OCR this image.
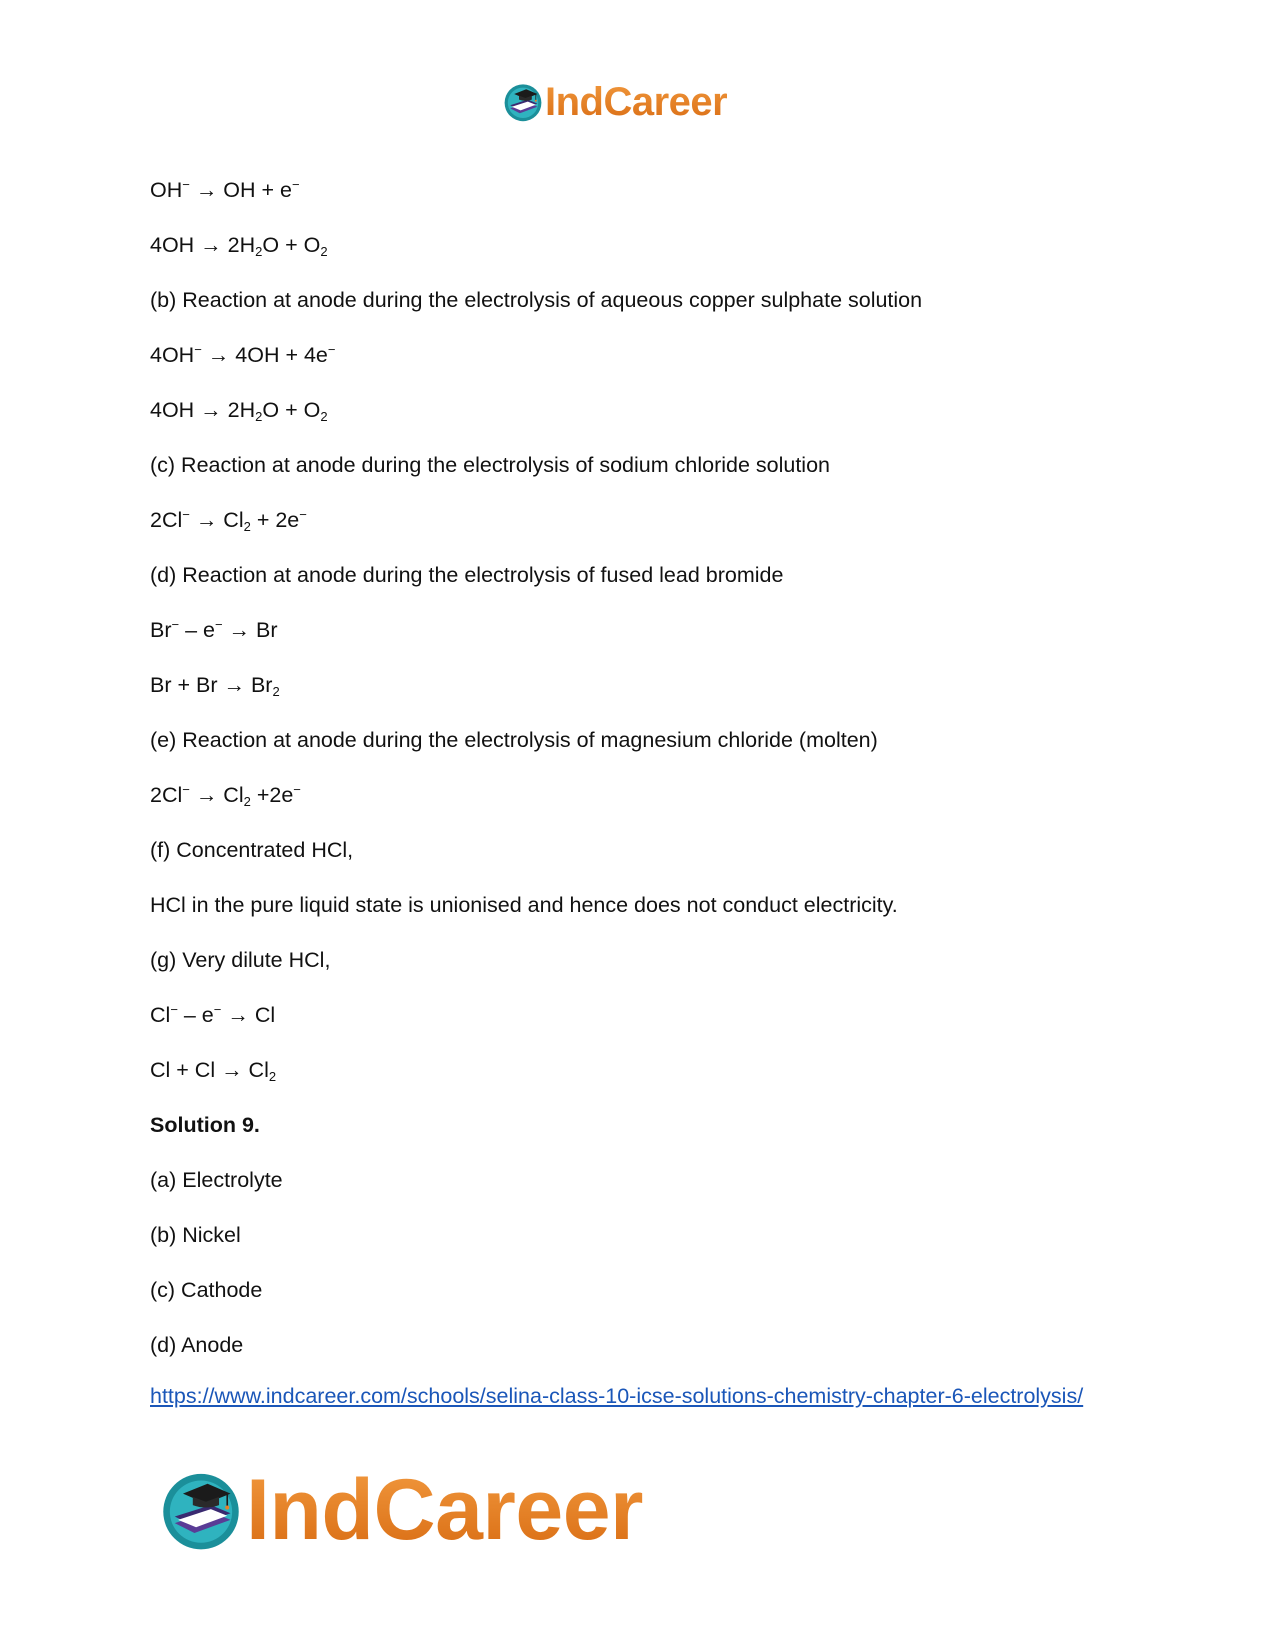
IndCareer
OH− → OH + e−
$4OH \to 2H_2O + O_2$
(b) Reaction at anode during the electrolysis of aqueous copper sulphate solution
4OH− → 4OH + 4e−
$4OH \to 2H_2O + O_2$
(c) Reaction at anode during the electrolysis of sodium chloride solution
$2Cl^- \to Cl_2 + 2e^-$
(d) Reaction at anode during the electrolysis of fused lead bromide
Br− – e− → Br
$Br + Br \to Br_2$
(e) Reaction at anode during the electrolysis of magnesium chloride (molten)
$2Cl^- \to Cl_2 +2e^-$
(f) Concentrated HCl,
HCl in the pure liquid state is unionised and hence does not conduct electricity.
(g) Very dilute HCl,
Cl− – e− → Cl
$Cl + Cl \to Cl_2$
Solution 9.
(a) Electrolyte
(b) Nickel
(c) Cathode
(d) Anode
https://www.indcareer.com/schools/selina-class-10-icse-solutions-chemistry-chapter-6-electrolysis/
IndCareer
